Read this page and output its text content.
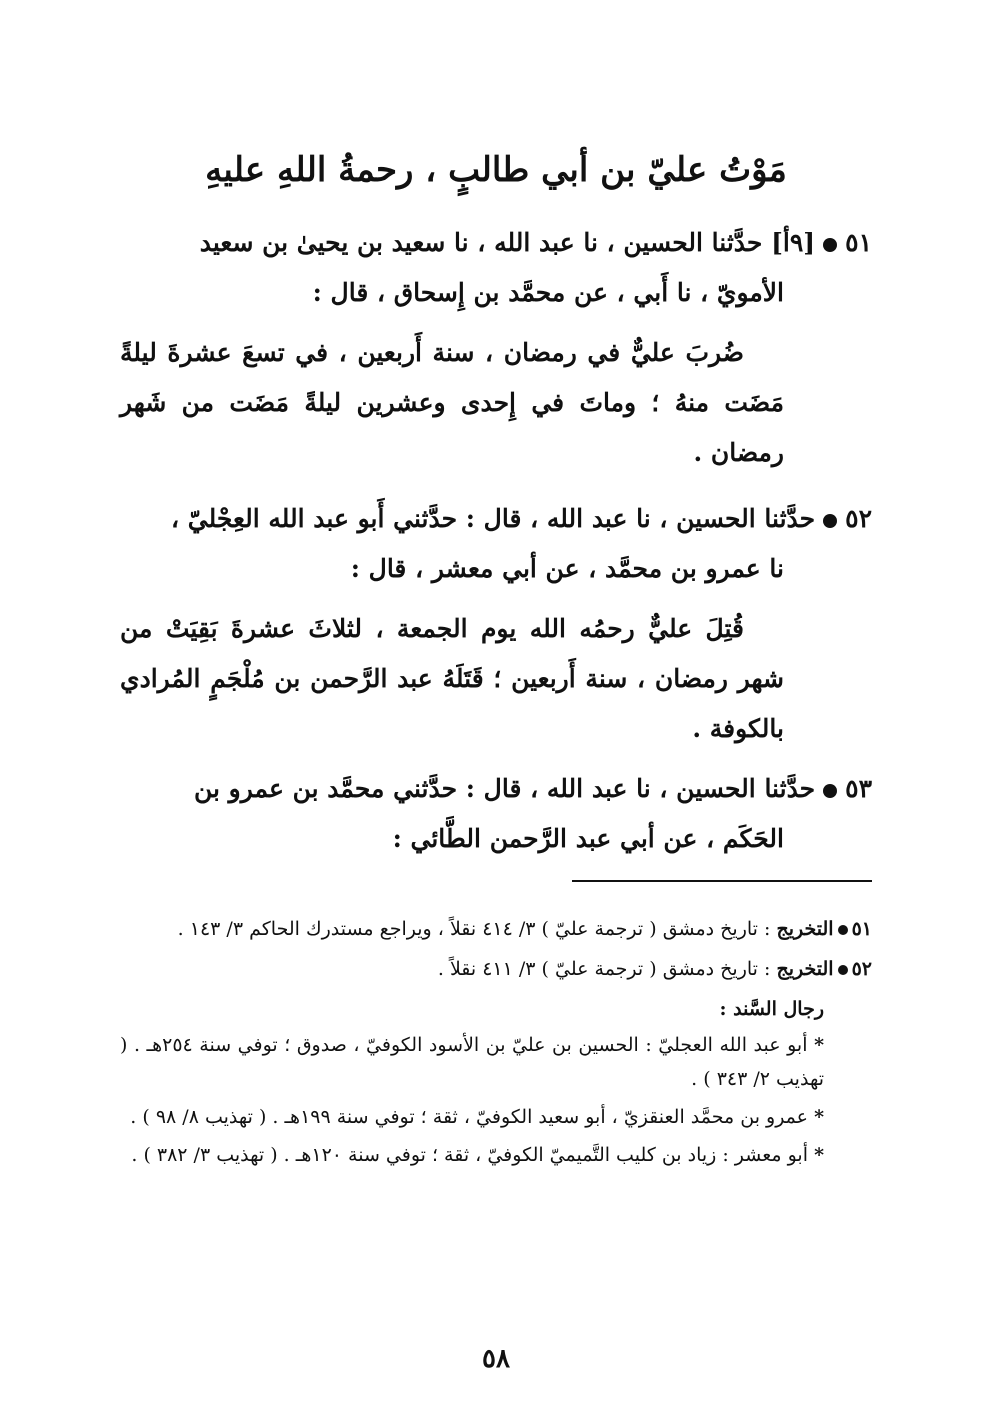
مَوْتُ عليّ بن أبي طالبٍ ، رحمةُ اللهِ عليهِ

٥١[٩أ] حدَّثنا الحسين ، نا عبد الله ، نا سعيد بن يحيىٰ بن سعيد

الأمويّ ، نا أَبي ، عن محمَّد بن إِسحاق ، قال :

ضُربَ عليٌّ في رمضان ، سنة أَربعين ، في تسعَ عشرةَ ليلةً مَضَت منهُ ؛ وماتَ في إِحدى وعشرين ليلةً مَضَت من شَهر رمضان .

٥٢حدَّثنا الحسين ، نا عبد الله ، قال : حدَّثني أَبو عبد الله العِجْليّ ،

نا عمرو بن محمَّد ، عن أبي معشر ، قال :

قُتِلَ عليٌّ رحمُه الله يوم الجمعة ، لثلاثَ عشرةَ بَقِيَتْ من شهر رمضان ، سنة أَربعين ؛ قَتَلَهُ عبد الرَّحمن بن مُلْجَمٍ المُرادي بالكوفة .

٥٣حدَّثنا الحسين ، نا عبد الله ، قال : حدَّثني محمَّد بن عمرو بن

الحَكَم ، عن أبي عبد الرَّحمن الطَّائي :

٥١التخريج : تاريخ دمشق ( ترجمة عليّ ) ٣/ ٤١٤ نقلاً ، ويراجع مستدرك الحاكم ٣/ ١٤٣ .

٥٢التخريج : تاريخ دمشق ( ترجمة عليّ ) ٣/ ٤١١ نقلاً .

رجال السَّند :

* أبو عبد الله العجليّ : الحسين بن عليّ بن الأسود الكوفيّ ، صدوق ؛ توفي سنة ٢٥٤هـ . ( تهذيب ٢/ ٣٤٣ ) .

* عمرو بن محمَّد العنقزيّ ، أبو سعيد الكوفيّ ، ثقة ؛ توفي سنة ١٩٩هـ . ( تهذيب ٨/ ٩٨ ) .

* أبو معشر : زياد بن كليب التَّميميّ الكوفيّ ، ثقة ؛ توفي سنة ١٢٠هـ . ( تهذيب ٣/ ٣٨٢ ) .

٥٨
